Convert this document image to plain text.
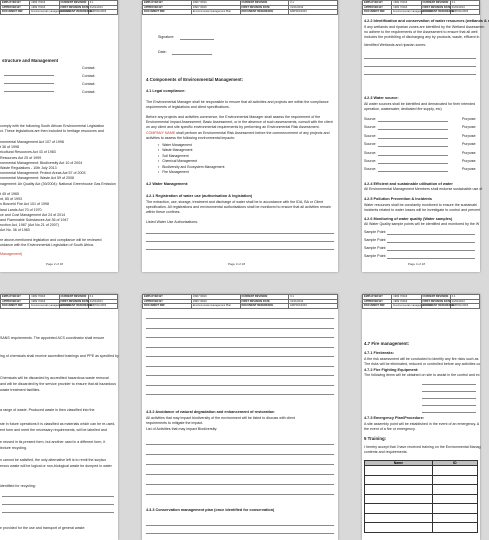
EMPLOYED BY	1999 Y0016	CURRENT REVISION	0.1
APPROVED BY	1999 Y0016	FIRST REVISION DATE	01/01/2013
DOCUMENT REF	Environmental management Plan	DOCUMENT REFERENCE	EMP001/4003
structure and Management
Contact:
Contact:
Contact:
Contact:
comply with the following South African Environmental Legislation
ct. These legislations are then included to heritage resources and
ronmental Management Act 107 of 1998
t 36 of 1998
ricultural Resources Act 43 of 1983
Resources Act 25 of 1999
ronmental Management: Biodiversity Act 10 of 2004
Waste Regulations - 10th July 2013
ronmental Management: Protect Areas Act 57 of 2003
ronmental Management: Waste Act 59 of 2008
nagement: Air Quality Act (39/2004): National Greenhouse Gas Emission
t 45 of 1965
nt, 85 of 1993
n Bosveld Fire Act 101 of 1998
land Lands Act 70 of 1970
ce and Cost Management Act 24 of 2014
and Flammable Substances Act 36 of 1947
ruction Act, 1987 (Act No.21 of 2007)
Act No. 36 of 1983
re above-mentioned legislation and compliance will be reviewed
ordance with the Environmental Legislation of South Africa.
Management)
Page 2 of 18
EMPLOYED BY	1999 Y0016	CURRENT REVISION	0.1
APPROVED BY	1999 Y0016	FIRST REVISION DATE	01/01/2013
DOCUMENT REF	Environmental management Plan	DOCUMENT REFERENCE	EMP001/4003
Signature:
Date:
4 Components of Environmental Management:
4.1 Legal compliance:
The Environmental Manager shall be responsible to ensure that all activities and projects are within the compliance
requirements of legislations and client specifications.
Before any projects and activities commence, the Environmental Manager shall assess the requirement of the
Environmental Impact Assessment, Basic Assessment, or in the absence of such assessments, consult with the client
on any client and site specific environmental requirements by performing an Environmental Risk Assessment.
COMPANY NAME shall perform an Environmental Risk Assessment before the commencement of any projects and
activities to assess the following environmental impacts:
▪ Water Management
▪ Waste Management
▪ Soil Management
▪ Chemical Management
▪ Biodiversity and Ecosystem Management
▪ Fire Management
4.2 Water Management:
4.2.1 Registration of water use (authorisation & legislation)
The extraction, use, storage, treatment and discharge of water shall be in accordance with the IDA, BA or Client
specification. All registrations and environmental authorisations shall be monitored to ensure that all activities remain
within these confines.
Listed Water Use Authorisations:
Page 3 of 18
EMPLOYED BY	1999 Y0016	CURRENT REVISION	0.1
APPROVED BY	1999 Y0016	FIRST REVISION DATE	01/01/2013
DOCUMENT REF	Environmental management Plan	DOCUMENT REFERENCE	EMP001/4003
4.2.2 Identification and conservation of water resources (wetlands & r
If any wetlands and riparian zones are identified by the Wetland Assessmen
no adhere to the requirements of the Assessment to ensure that all wetl
includes the prohibiting of discharging any by products, waste, effluent in
Identified Wetlands and riparian zones:
4.2.3 Water source:
All water sources shall be identified and demarcated for their intended
operation, wastewater, dedicated fire supply, etc)
Source:	Purpose:
Source:	Purpose:
Source:	Purpose:
Source:	Purpose:
Source:	Purpose:
Source:	Purpose:
Source:	Purpose:
4.2.4 Efficient and sustainable utilisation of water
All Environmental Management Members shall endorse sustainable use of
4.2.5 Pollution Prevention & Incidents
Water resources shall be constantly monitored to ensure the sustainabl
incidents related to water losses will be investigate to control and prevent
4.2.6 Monitoring of water quality (Water samples)
All Water Quality sample points will be identified and monitored by the W
Sample Point:
Sample Point:
Sample Point:
Sample Point:
Page 4 of 18
EMPLOYED BY	1999 Y0016	CURRENT REVISION	0.1
APPROVED BY	1999 Y0016	FIRST REVISION DATE	01/01/2013
DOCUMENT REF	Environmental management Plan	DOCUMENT REFERENCE	EMP001/4003
SANS requirements. The appointed ACS coordinator shall ensure
ing of chemicals shall receive accredited trainings and PPE as specified by
Chemicals will be discarded by accredited hazardous waste removal
and will be discarded by the service provider to ensure that all hazardous
waste treatment facilities.
a range of waste. Produced waste is then classified into the
ste in future operations it is classified as materials which can be re-used,
ent form and meet the necessary requirements, will be labelled and
e reused in its present form, but another used in a different form, it
lecture recycling.
n cannot be satisfied, the only alternative left is to remit the surplus
erous waste will be logical or non-biological waste be dumped in water
identified for recycling:
e provided for the use and transport of general waste:
EMPLOYED BY	1999 Y0016	CURRENT REVISION	0.1
APPROVED BY	1999 Y0016	FIRST REVISION DATE	01/01/2013
DOCUMENT REF	Environmental management Plan	DOCUMENT REFERENCE	EMP001/4003
4.3.2 Avoidance of natural degradation and enhancement of restoration
All activities that may impact biodiversity of the environment will be listed to discuss with client
requirements to mitigate the impact.
List of Activities that may impact Biodiversity:
4.3.3 Conservation management plan (once identified for conservation)
EMPLOYED BY	1999 Y0016	CURRENT REVISION	0.1
APPROVED BY	1999 Y0016	FIRST REVISION DATE	01/01/2013
DOCUMENT REF	Environmental management Plan	DOCUMENT REFERENCE	EMP001/4003
4.7 Fire management:
4.7.1 Firebreaks:
A fire risk assessment will be conducted to identify any fire risks such as
The risks will be eliminated, reduced or controlled before any activities co
4.7.2 Fire Fighting Equipment:
The following items will be obtained on site to assist in the control and ex
4.7.3 Emergency Plan/Procedure:
A site assembly point will be established in the event of an emergency. A
the event of a fire or emergency.
5 Training:
I hereby accept that I have received training on the Environmental Manag
contents and requirements.
Name	ID
